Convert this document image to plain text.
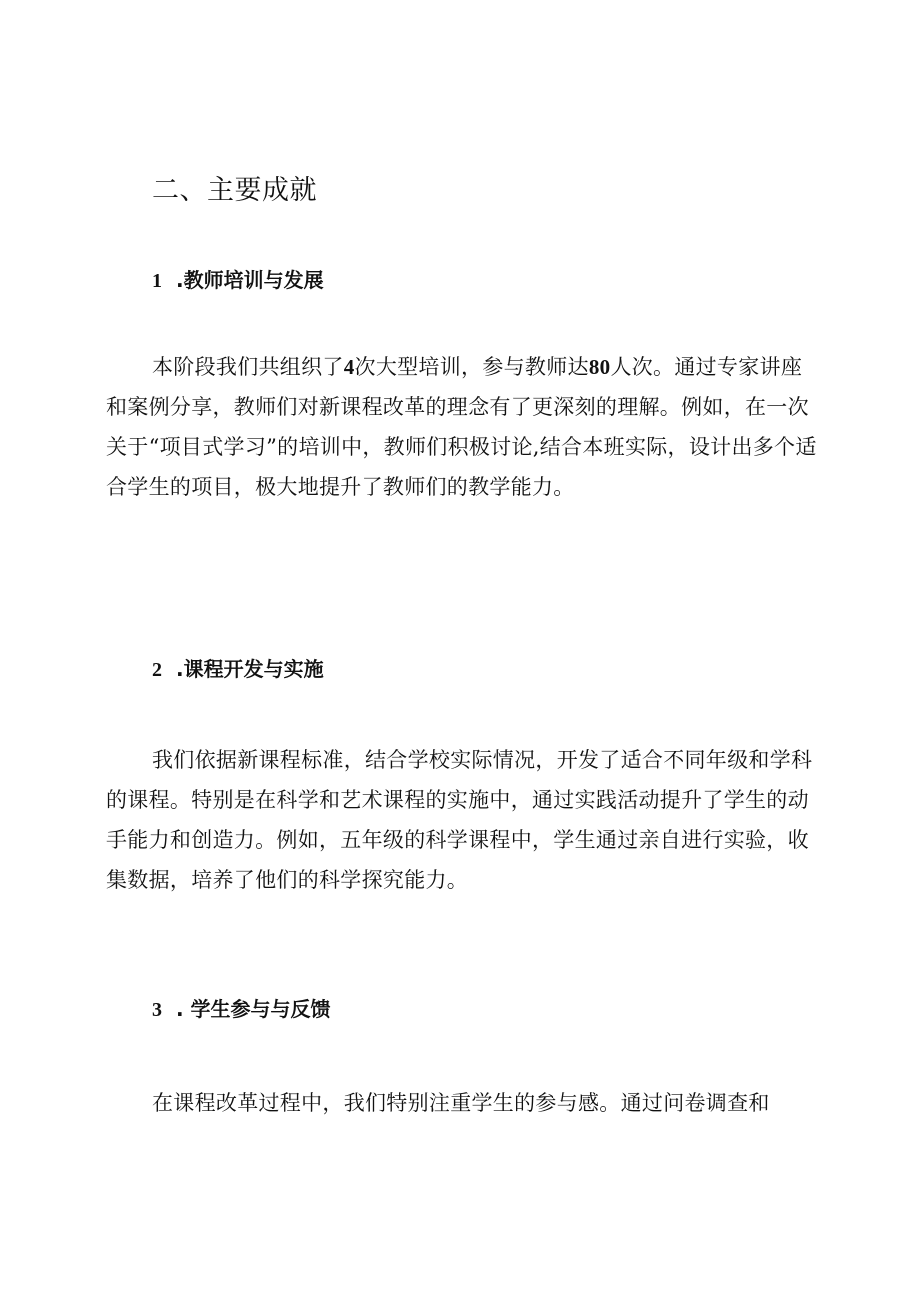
二、主要成就
1 .教师培训与发展

本阶段我们共组织了4次大型培训，参与教师达80人次。通过专家讲座和案例分享，教师们对新课程改革的理念有了更深刻的理解。例如，在一次关于“项目式学习”的培训中，教师们积极讨论,结合本班实际，设计出多个适合学生的项目，极大地提升了教师们的教学能力。

2 .课程开发与实施

我们依据新课程标准，结合学校实际情况，开发了适合不同年级和学科的课程。特别是在科学和艺术课程的实施中，通过实践活动提升了学生的动手能力和创造力。例如，五年级的科学课程中，学生通过亲自进行实验，收集数据，培养了他们的科学探究能力。

3 . 学生参与与反馈

在课程改革过程中，我们特别注重学生的参与感。通过问卷调查和
